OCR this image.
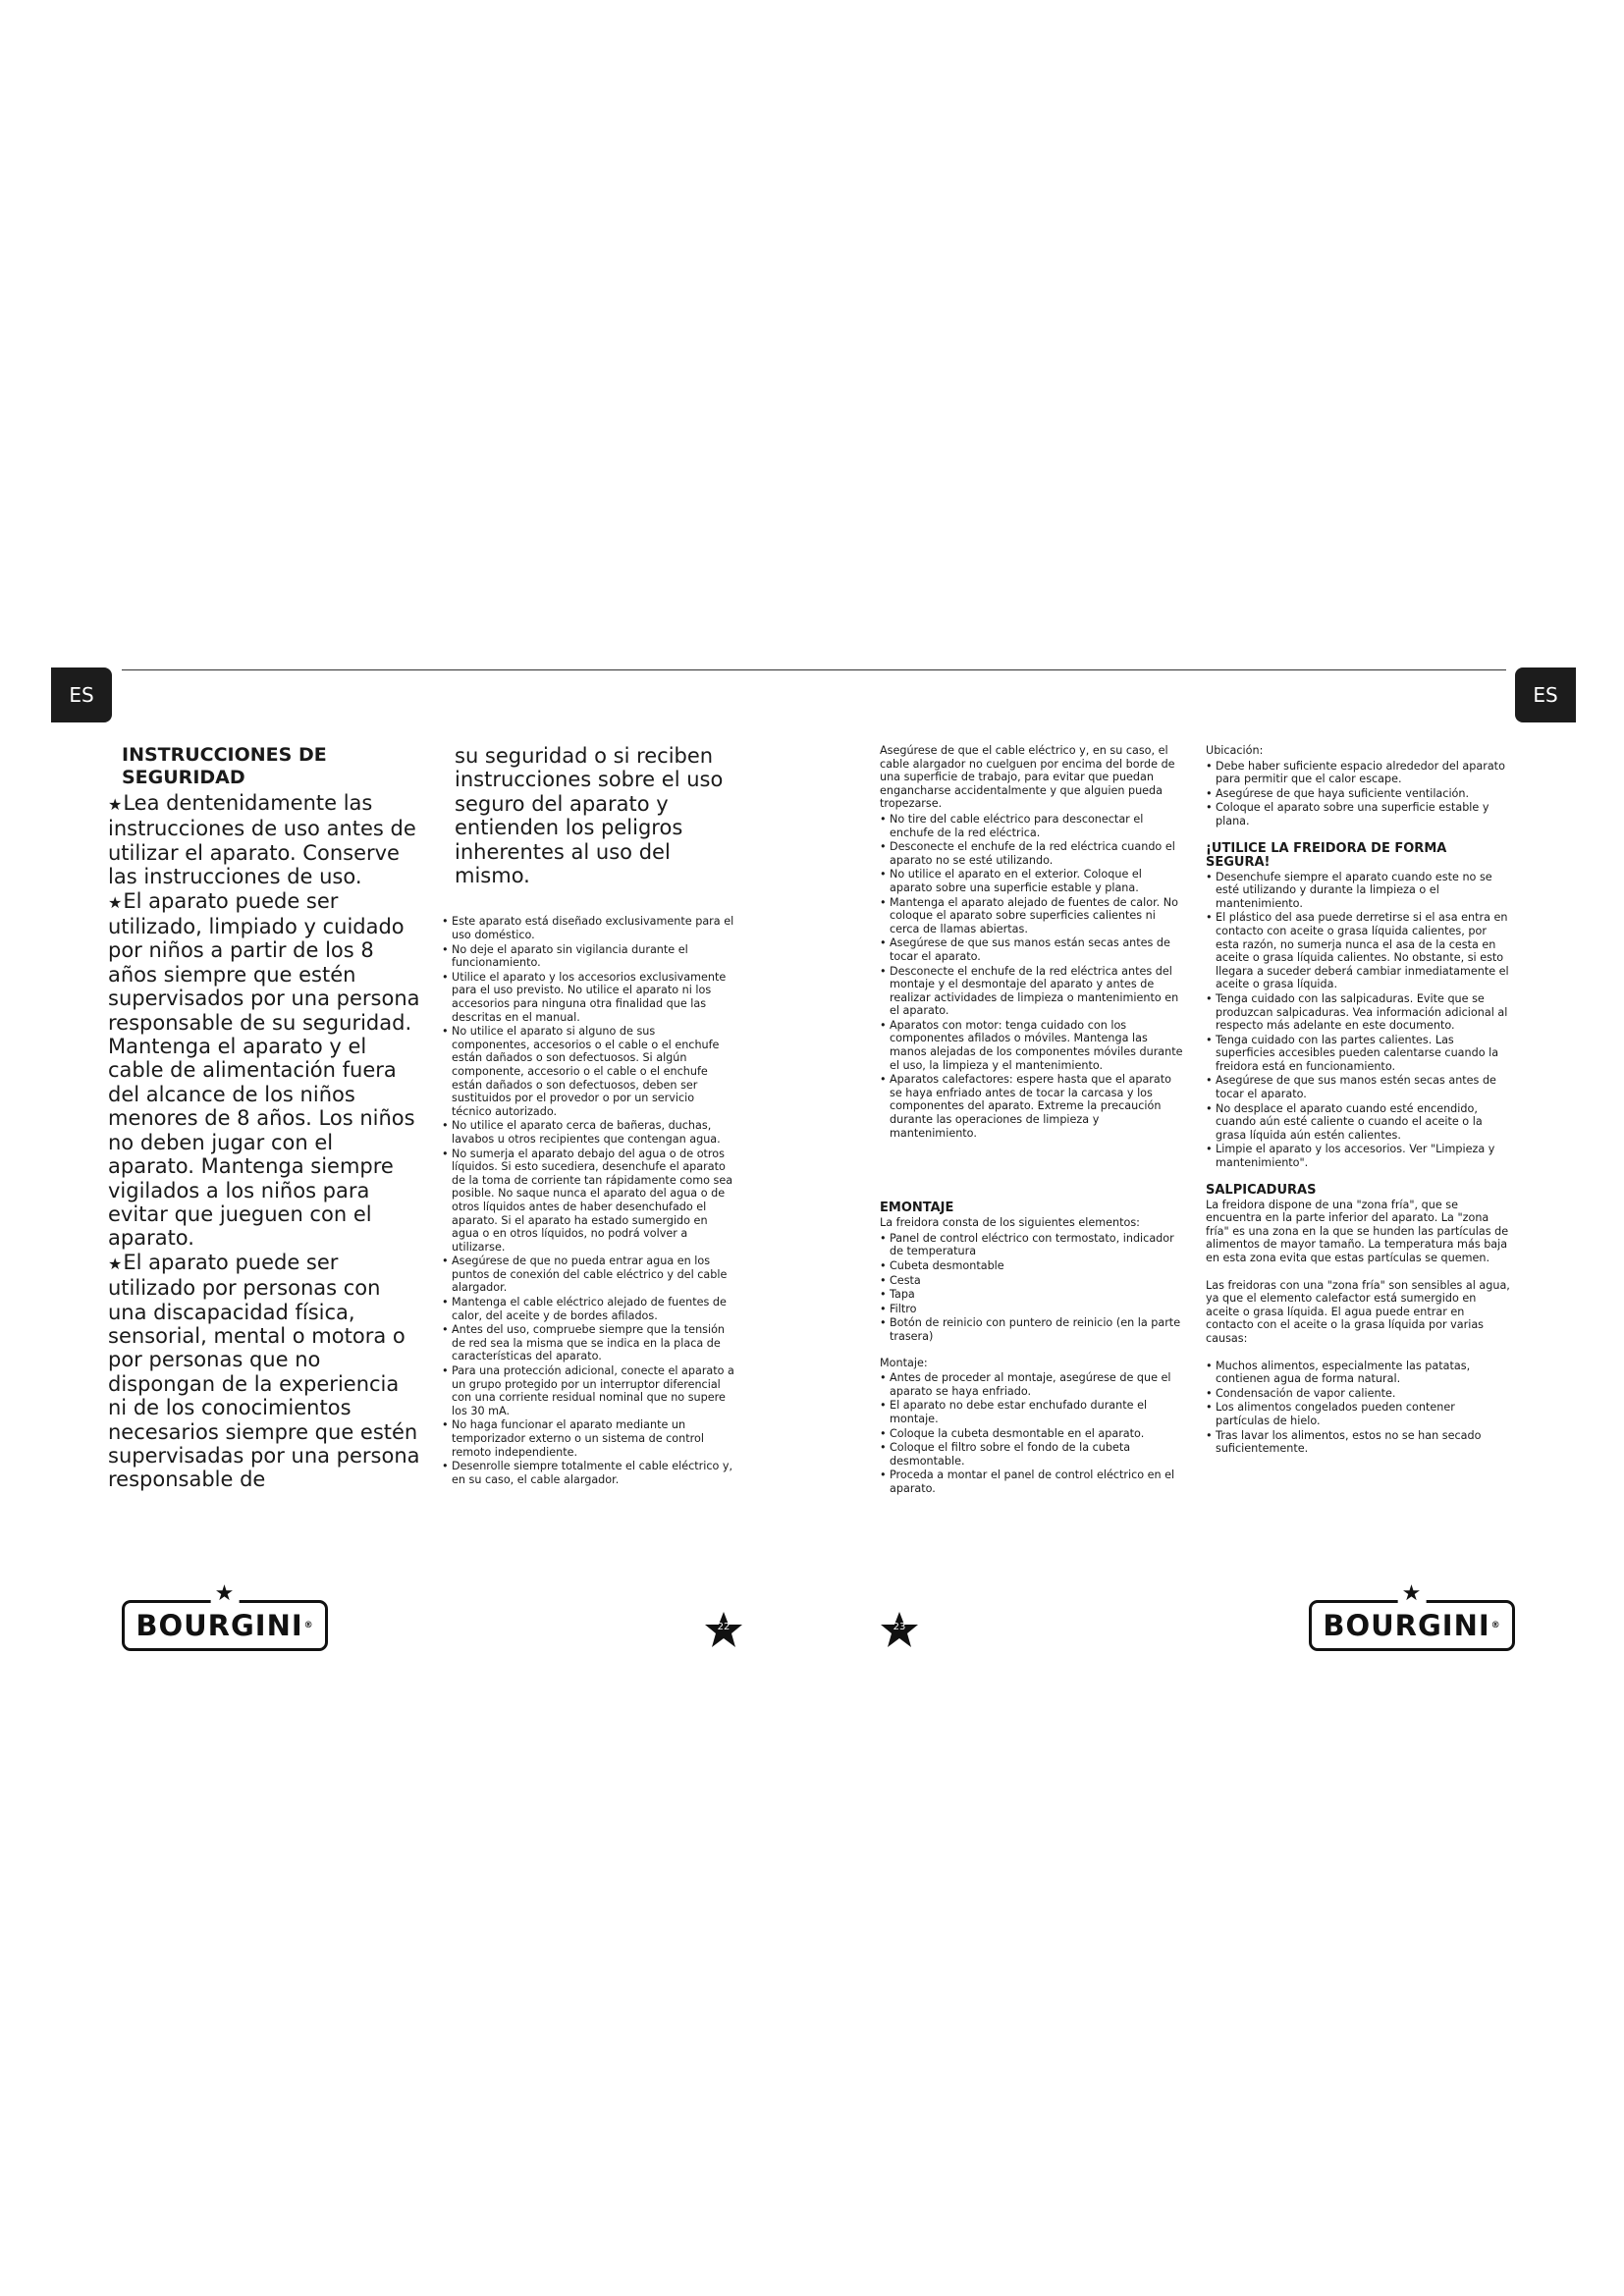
ES	ES
INSTRUCCIONES DE SEGURIDAD

★ Lea dentenidamente las instrucciones de uso antes de utilizar el aparato. Conserve las instrucciones de uso.

★ El aparato puede ser utilizado, limpiado y cuidado por niños a partir de los 8 años siempre que estén supervisados por una persona responsable de su seguridad. Mantenga el aparato y el cable de alimentación fuera del alcance de los niños menores de 8 años. Los niños no deben jugar con el aparato. Mantenga siempre vigilados a los niños para evitar que jueguen con el aparato.

★ El aparato puede ser utilizado por personas con una discapacidad física, sensorial, mental o motora o por personas que no dispongan de la experiencia ni de los conocimientos necesarios siempre que estén supervisadas por una persona responsable de

su seguridad o si reciben instrucciones sobre el uso seguro del aparato y entienden los peligros inherentes al uso del mismo.
• Este aparato está diseñado exclusivamente para el uso doméstico.
• No deje el aparato sin vigilancia durante el funcionamiento.
• Utilice el aparato y los accesorios exclusivamente para el uso previsto. No utilice el aparato ni los accesorios para ninguna otra finalidad que las descritas en el manual.
• No utilice el aparato si alguno de sus componentes, accesorios o el cable o el enchufe están dañados o son defectuosos. Si algún componente, accesorio o el cable o el enchufe están dañados o son defectuosos, deben ser sustituidos por el provedor o por un servicio técnico autorizado.
• No utilice el aparato cerca de bañeras, duchas, lavabos u otros recipientes que contengan agua.
• No sumerja el aparato debajo del agua o de otros líquidos. Si esto sucediera, desenchufe el aparato de la toma de corriente tan rápidamente como sea posible. No saque nunca el aparato del agua o de otros líquidos antes de haber desenchufado el aparato. Si el aparato ha estado sumergido en agua o en otros líquidos, no podrá volver a utilizarse.
• Asegúrese de que no pueda entrar agua en los puntos de conexión del cable eléctrico y del cable alargador.
• Mantenga el cable eléctrico alejado de fuentes de calor, del aceite y de bordes afilados.
• Antes del uso, compruebe siempre que la tensión de red sea la misma que se indica en la placa de características del aparato.
• Para una protección adicional, conecte el aparato a un grupo protegido por un interruptor diferencial con una corriente residual nominal que no supere los 30 mA.
• No haga funcionar el aparato mediante un temporizador externo o un sistema de control remoto independiente.
• Desenrolle siempre totalmente el cable eléctrico y, en su caso, el cable alargador.

Asegúrese de que el cable eléctrico y, en su caso, el cable alargador no cuelguen por encima del borde de una superficie de trabajo, para evitar que puedan engancharse accidentalmente y que alguien pueda tropezarse.

• No tire del cable eléctrico para desconectar el enchufe de la red eléctrica.
• Desconecte el enchufe de la red eléctrica cuando el aparato no se esté utilizando.
• No utilice el aparato en el exterior. Coloque el aparato sobre una superficie estable y plana.
• Mantenga el aparato alejado de fuentes de calor. No coloque el aparato sobre superficies calientes ni cerca de llamas abiertas.
• Asegúrese de que sus manos están secas antes de tocar el aparato.
• Desconecte el enchufe de la red eléctrica antes del montaje y el desmontaje del aparato y antes de realizar actividades de limpieza o mantenimiento en el aparato.
• Aparatos con motor: tenga cuidado con los componentes afilados o móviles. Mantenga las manos alejadas de los componentes móviles durante el uso, la limpieza y el mantenimiento.
• Aparatos calefactores: espere hasta que el aparato se haya enfriado antes de tocar la carcasa y los componentes del aparato. Extreme la precaución durante las operaciones de limpieza y mantenimiento.
EMONTAJE

La freidora consta de los siguientes elementos:

• Panel de control eléctrico con termostato, indicador de temperatura
• Cubeta desmontable
• Cesta
• Tapa
• Filtro
• Botón de reinicio con puntero de reinicio (en la parte trasera)

Montaje:

• Antes de proceder al montaje, asegúrese de que el aparato se haya enfriado.
• El aparato no debe estar enchufado durante el montaje.
• Coloque la cubeta desmontable en el aparato.
• Coloque el filtro sobre el fondo de la cubeta desmontable.
• Proceda a montar el panel de control eléctrico en el aparato.

Ubicación:

• Debe haber suficiente espacio alrededor del aparato para permitir que el calor escape.
• Asegúrese de que haya suficiente ventilación.
• Coloque el aparato sobre una superficie estable y plana.
¡UTILICE LA FREIDORA DE FORMA SEGURA!
• Desenchufe siempre el aparato cuando este no se esté utilizando y durante la limpieza o el mantenimiento.
• El plástico del asa puede derretirse si el asa entra en contacto con aceite o grasa líquida calientes, por esta razón, no sumerja nunca el asa de la cesta en aceite o grasa líquida calientes. No obstante, si esto llegara a suceder deberá cambiar inmediatamente el aceite o grasa líquida.
• Tenga cuidado con las salpicaduras. Evite que se produzcan salpicaduras. Vea información adicional al respecto más adelante en este documento.
• Tenga cuidado con las partes calientes. Las superficies accesibles pueden calentarse cuando la freidora está en funcionamiento.
• Asegúrese de que sus manos estén secas antes de tocar el aparato.
• No desplace el aparato cuando esté encendido, cuando aún esté caliente o cuando el aceite o la grasa líquida aún estén calientes.
• Limpie el aparato y los accesorios. Ver "Limpieza y mantenimiento".
SALPICADURAS

La freidora dispone de una "zona fría", que se encuentra en la parte inferior del aparato. La "zona fría" es una zona en la que se hunden las partículas de alimentos de mayor tamaño. La temperatura más baja en esta zona evita que estas partículas se quemen.

Las freidoras con una "zona fría" son sensibles al agua, ya que el elemento calefactor está sumergido en aceite o grasa líquida. El agua puede entrar en contacto con el aceite o la grasa líquida por varias causas:

• Muchos alimentos, especialmente las patatas, contienen agua de forma natural.
• Condensación de vapor caliente.
• Los alimentos congelados pueden contener partículas de hielo.
• Tras lavar los alimentos, estos no se han secado suficientemente.
★
BOURGINI ®	22	23
★
BOURGINI ®
